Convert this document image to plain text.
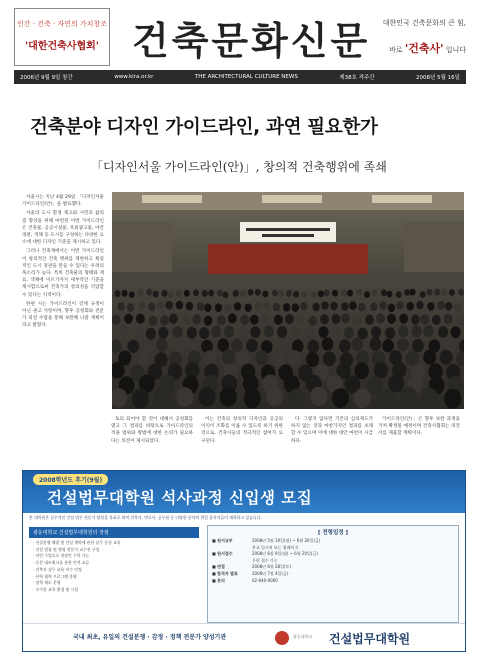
인간 · 건축 · 자연의 가치창조
'대한건축사협회' 건축문화신문	대한민국 건축문화의 큰 힘,
바로 '건축사' 입니다
2006년 9월 9일 창간	www.kira.or.kr	THE ARCHITECTURAL CULTURE NEWS	제38호 격주간	2008년 5월 16일
건축분야 디자인 가이드라인, 과연 필요한가
「디자인서울 가이드라인(안)」, 창의적 건축행위에 족쇄

서울시는 지난 4월 29일 「디자인서울 가이드라인(안)」을 발표했다.

서울의 도시 환경 제고와 시민의 삶의 질 향상을 위해 마련된 이번 가이드라인은 건축물, 공공시설물, 옥외광고물, 야간경관, 색채 등 도시를 구성하는 다양한 요소에 대한 디자인 기준을 제시하고 있다.

그러나 건축계에서는 이번 가이드라인이 창의적인 건축 행위를 제한하고 획일적인 도시 경관을 만들 수 있다는 우려의 목소리가 높다. 특히 건축물의 형태와 재료, 색채에 이르기까지 세부적인 기준을 제시함으로써 건축가의 창의성을 억압할 수 있다는 지적이다.

한편 시는 가이드라인이 강제 규정이 아닌 권고 사항이며, 향후 공청회와 전문가 의견 수렴을 통해 보완해 나갈 계획이라고 밝혔다.

토의 되어야 할 것이 대해서 공청회를 열고 그 결과를 바탕으로 가이드라인의 적용 범위와 방법에 대한 논의가 필요하다는 의견이 제시되었다.

이는 건축의 창의적 디자인과 공공의 이익이 조화를 이룰 수 있도록 하기 위한 것으로, 건축사들의 적극적인 참여가 요구된다.

다. 그렇지 않다면 기존의 심의제도가 하지 않는 것과 마찬가지인 결과를 초래할 수 있으며 이에 대한 대안 마련이 시급하다.

가이드라인(안)」은 향후 보완 과정을 거쳐 확정될 예정이며 건축사협회는 의견서를 제출할 계획이다.

2008학년도 후기(9월)
건설법무대학원 석사과정 신입생 모집
본 대학원은 실무적인 건설 법무 전문가 양성을 목표로 하며 건축사, 변호사, 공무원 등 다양한 분야의 현업 종사자들이 재학하고 있습니다.
광운대학교 건설법무대학원의 장점
· 건설분쟁 해결 및 건설 계약에 관한 실무 중심 교육
· 건설 법률 및 행정 전문가 교수진 구성
· 야간 수업으로 직장인 수학 가능
· 동문 네트워크를 통한 인적 교류
· 건축사 실무 교육 이수 인정
· 산학 협력 프로그램 운영
· 장학 제도 운영
· 우수한 교육 환경 및 시설
[ 전형일정 ]
■ 원서교부	2008년 5월 19일(월) ~ 6월 20일(금)
본교 입시처 또는 홈페이지
■ 원서접수	2008년 6월 9일(월) ~ 6월 20일(금)
우편 접수 가능
■ 면접	2008년 6월 28일(토)
■ 합격자 발표	2008년 7월 4일(금)
■ 문의	02-940-0000
국내 최초, 유일의 건설분쟁 · 감정 · 정책 전문가 양성기관	광운대학교 건설법무대학원
